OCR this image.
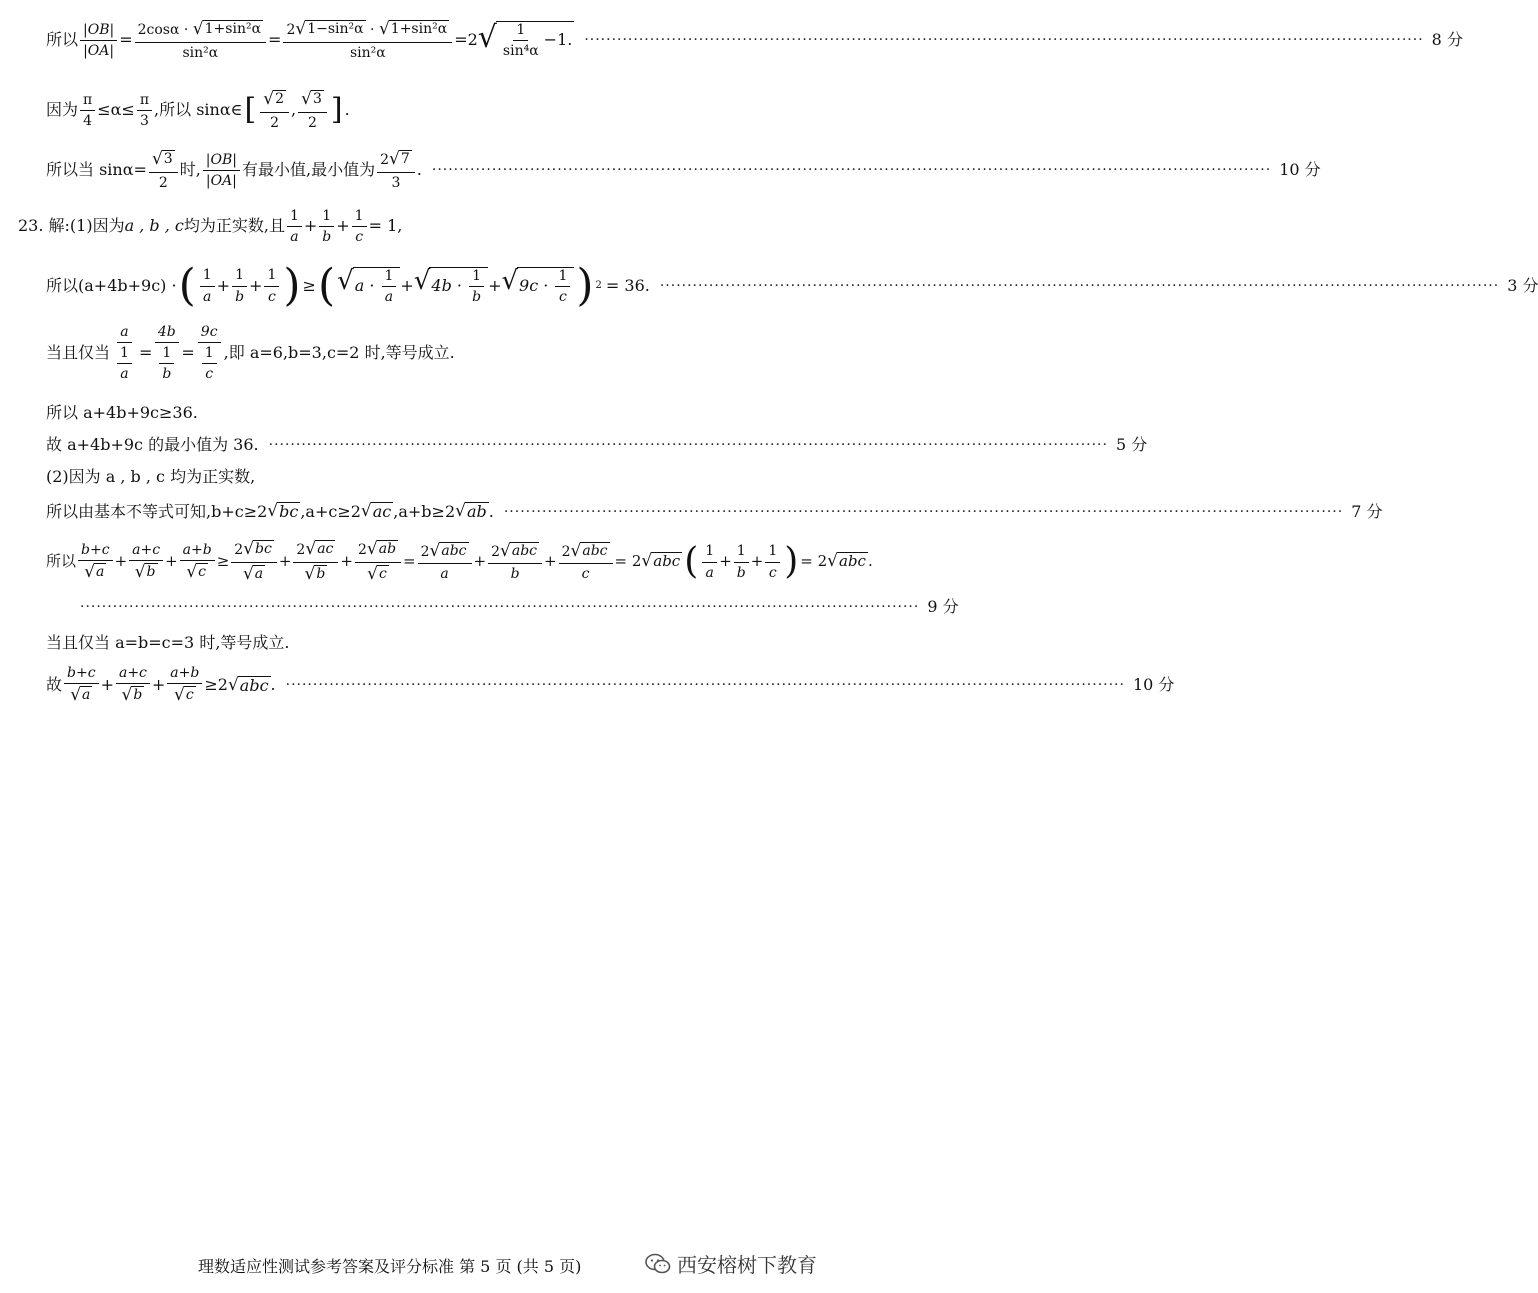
所以 $\frac{|OB|}{|OA|} = \frac{\text{2cosα · √ 1+sin²α}}{\text{sin²α}} = \frac{\text{2 √ 1−sin²α · √ 1+sin²α}}{\text{sin²α}} =2$ √ $\frac{1}{\text{sin⁴α}} -1$. ·························································································································································· 8 分
因为 $\frac{\pi}{4} \le\alpha\le \frac{\pi}{3}$ ,所以 sinα∈ [ √ 2
2
,
√ 3
2 ] .
所以当 $\sin\alpha= \frac{√ 3}{2}$ 时,
|OB|
|OA|
有最小值,最小值为
2 √ 7
3
. ·························································································································································· 10 分
23. 解:(1)因为 a , b , c 均为正实数,且
1
a
+
1
b
+ $\frac{1}{c} = 1$,
所以(a+4b+9c) · ( 1
a
+
1
b
+
1
c ) ≥ ( √ $a \cdot \frac{1}{a}$ + √ $4b \cdot \frac{1}{b}$ + √ $9c \cdot \frac{1}{c}$ ) 2 = 36. ·························································································································································· 3 分
当且仅当
a
$\frac{1}{a}$ =
4b
$\frac{1}{b}$ =
9c
$\frac{1}{c}$ ,即 a=6,b=3,c=2 时,等号成立.
所以 a+4b+9c≥36.
故 a+4b+9c 的最小值为 36. ·························································································································································· 5 分
(2)因为 a , b , c 均为正实数,
所以由基本不等式可知,b+c≥2 √ bc ,a+c≥2 √ ac ,a+b≥2 √ ab . ·························································································································································· 7 分
所以
b+c
√ a
+
a+c
√ b
+ $\frac{a+b}{√ c} \ge \frac{2 √ bc}{√ a}$ +
2 √ ac
√ b
+ $\frac{2 √ ab}{√ c}$ =
2 √ abc
a
+
2 √ abc
b
+
2 √ abc
c
= 2 √ abc ( 1
a
+
1
b
+
1
c ) = 2 √ abc .
·························································································································································· 9 分
当且仅当 a=b=c=3 时,等号成立.
故
b+c
√ a
+
a+c
√ b
+ $\frac{a+b}{√ c} \ge 2$ √ abc . ·························································································································································· 10 分
理数适应性测试参考答案及评分标准 第 5 页 (共 5 页)	西安榕树下教育
